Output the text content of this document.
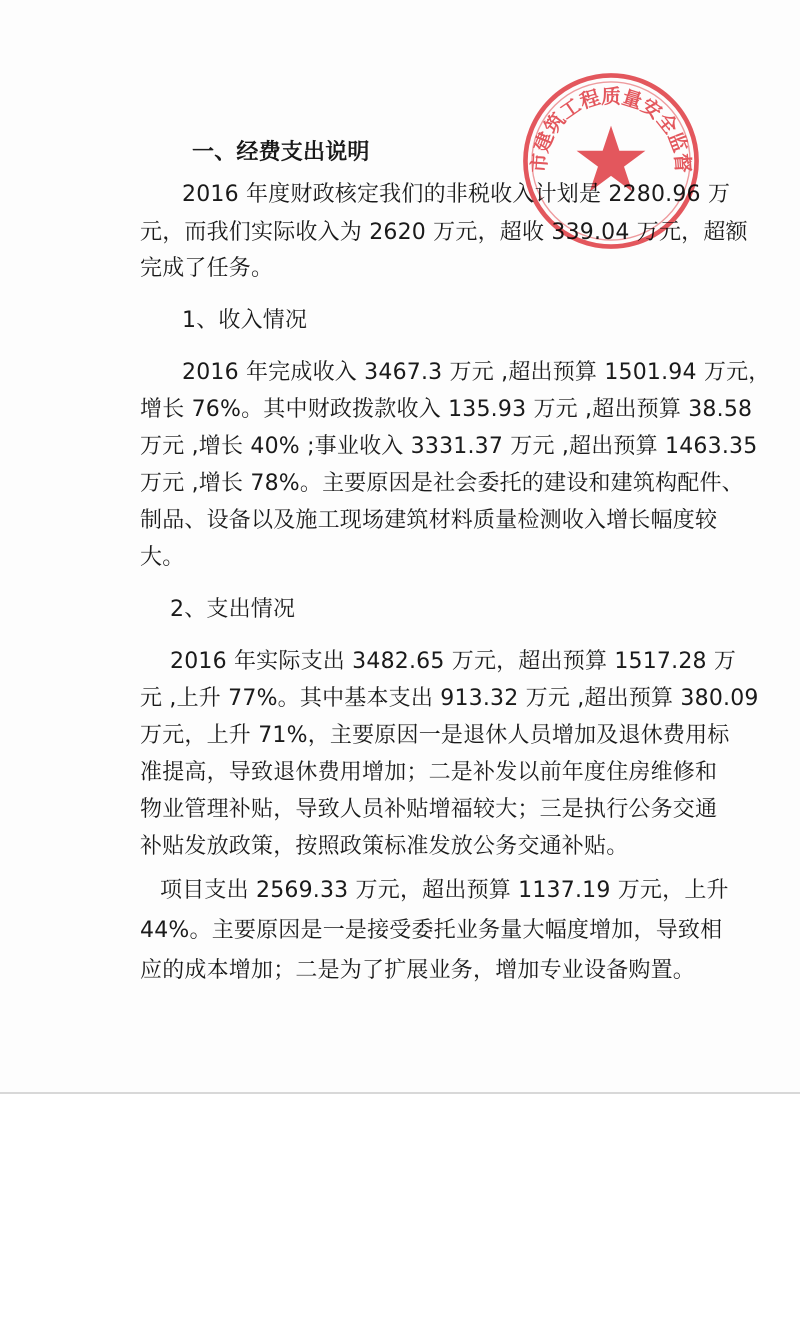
一、经费支出说明

2016 年度财政核定我们的非税收入计划是 2280.96 万

元，而我们实际收入为 2620 万元，超收 339.04 万元，超额

完成了任务。

1、收入情况

2016 年完成收入 3467.3 万元 ,超出预算 1501.94 万元，

增长 76%。其中财政拨款收入 135.93 万元 ,超出预算 38.58

万元 ,增长 40% ;事业收入 3331.37 万元 ,超出预算 1463.35

万元 ,增长 78%。主要原因是社会委托的建设和建筑构配件、

制品、设备以及施工现场建筑材料质量检测收入增长幅度较

大。

2、支出情况

2016 年实际支出 3482.65 万元，超出预算 1517.28 万

元 ,上升 77%。其中基本支出 913.32 万元 ,超出预算 380.09

万元，上升 71%，主要原因一是退休人员增加及退休费用标

准提高，导致退休费用增加；二是补发以前年度住房维修和

物业管理补贴，导致人员补贴增福较大；三是执行公务交通

补贴发放政策，按照政策标准发放公务交通补贴。

项目支出 2569.33 万元，超出预算 1137.19 万元，上升

44%。主要原因是一是接受委托业务量大幅度增加，导致相

应的成本增加；二是为了扩展业务，增加专业设备购置。

市建筑工程质量安全监督
